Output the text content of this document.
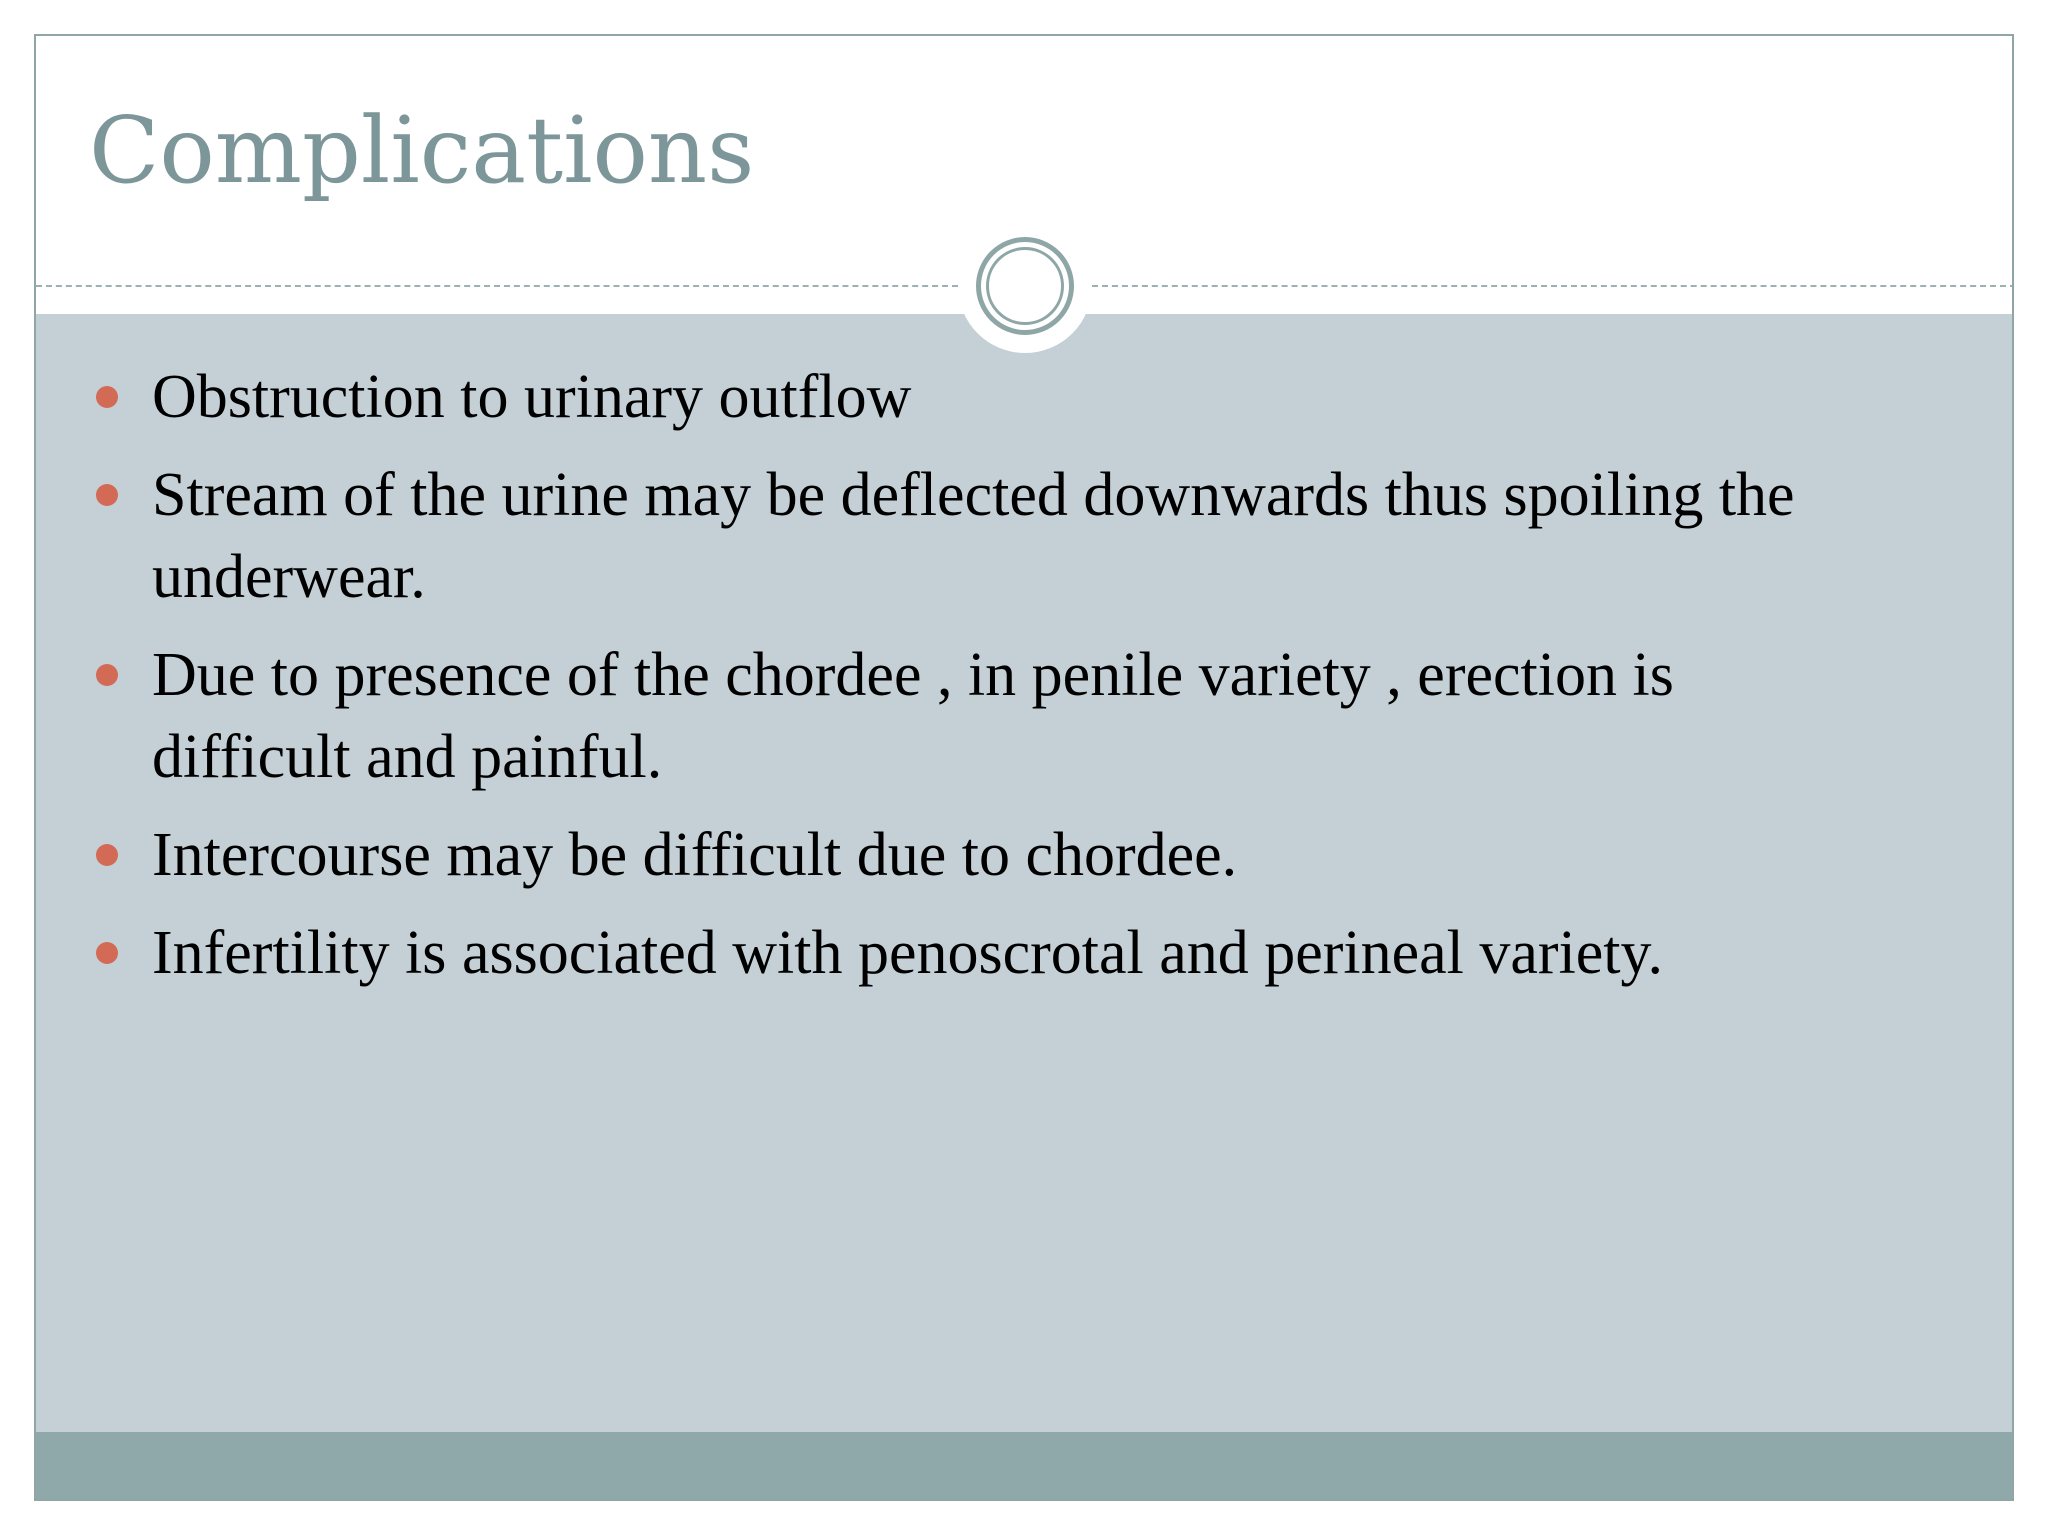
Complications
Obstruction to urinary outflow
Stream of the urine may be deflected downwards thus spoiling the underwear.
Due to presence of the chordee , in penile variety , erection is difficult and painful.
Intercourse may be difficult due to chordee.
Infertility is associated with penoscrotal and perineal variety.
